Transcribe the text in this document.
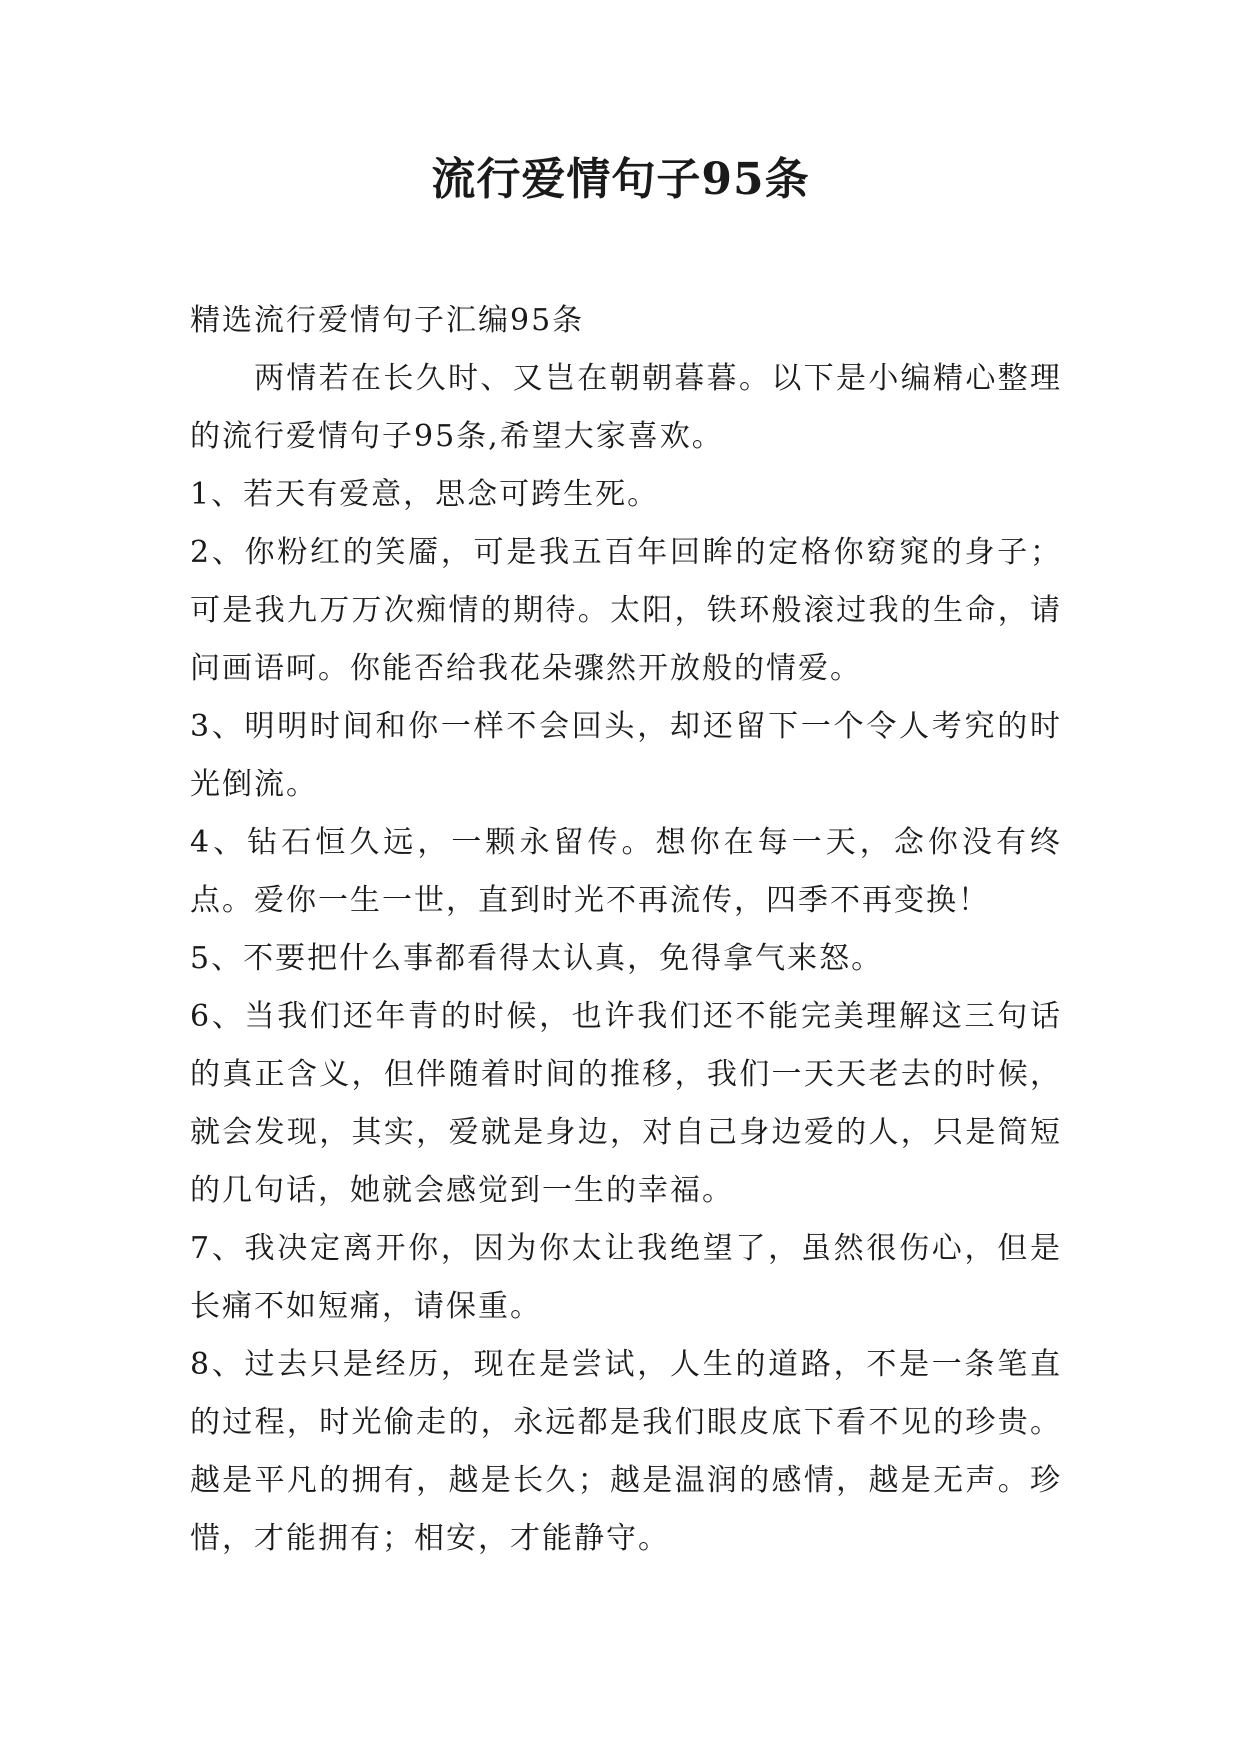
流行爱情句子95条

精选流行爱情句子汇编95条

两情若在长久时、又岂在朝朝暮暮。以下是小编精心整理的流行爱情句子95条,希望大家喜欢。

1、若天有爱意，思念可跨生死。

2、你粉红的笑靥，可是我五百年回眸的定格你窈窕的身子；可是我九万万次痴情的期待。太阳，铁环般滚过我的生命，请问画语呵。你能否给我花朵骤然开放般的情爱。

3、明明时间和你一样不会回头，却还留下一个令人考究的时光倒流。

4、钻石恒久远，一颗永留传。想你在每一天，念你没有终点。爱你一生一世，直到时光不再流传，四季不再变换！

5、不要把什么事都看得太认真，免得拿气来怒。

6、当我们还年青的时候，也许我们还不能完美理解这三句话的真正含义，但伴随着时间的推移，我们一天天老去的时候，就会发现，其实，爱就是身边，对自己身边爱的人，只是简短的几句话，她就会感觉到一生的幸福。

7、我决定离开你，因为你太让我绝望了，虽然很伤心，但是长痛不如短痛，请保重。

8、过去只是经历，现在是尝试，人生的道路，不是一条笔直的过程，时光偷走的，永远都是我们眼皮底下看不见的珍贵。越是平凡的拥有，越是长久；越是温润的感情，越是无声。珍惜，才能拥有；相安，才能静守。
